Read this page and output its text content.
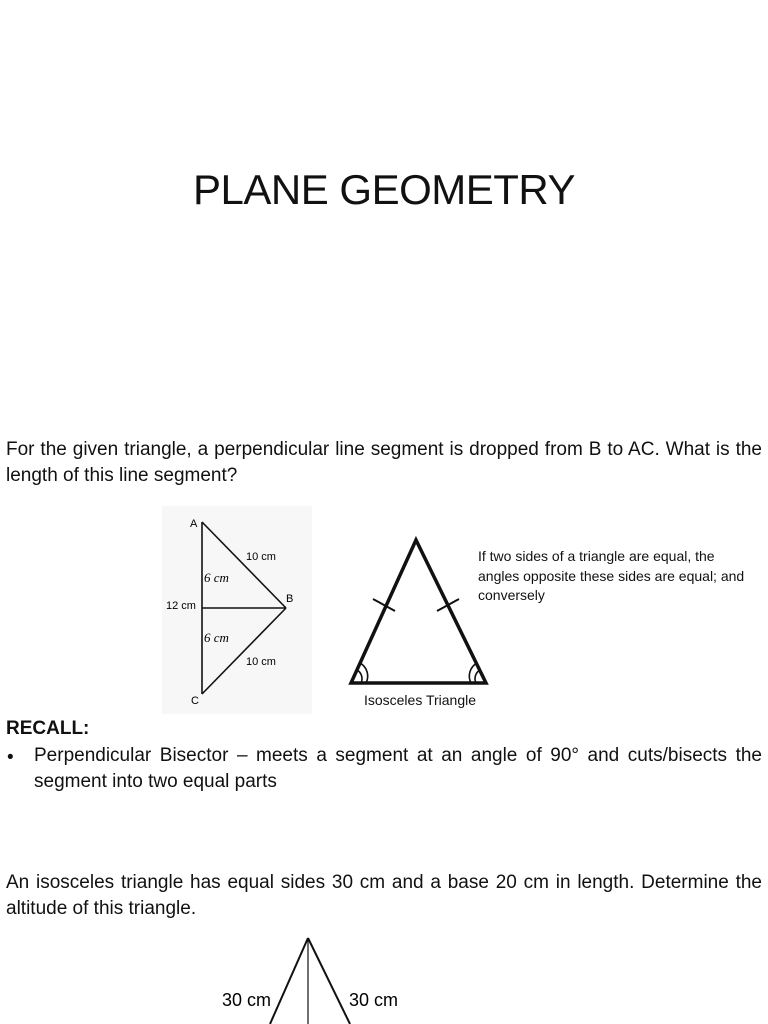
PLANE GEOMETRY
For the given triangle, a perpendicular line segment is dropped from B to AC. What is the length of this line segment?
A
B
C
12 cm
10 cm
10 cm
6 cm
6 cm
If two sides of a triangle are equal, the angles opposite these sides are equal; and conversely
Isosceles Triangle
RECALL:
• Perpendicular Bisector – meets a segment at an angle of 90° and cuts/bisects the segment into two equal parts
An isosceles triangle has equal sides 30 cm and a base 20 cm in length. Determine the altitude of this triangle.
30 cm	30 cm
